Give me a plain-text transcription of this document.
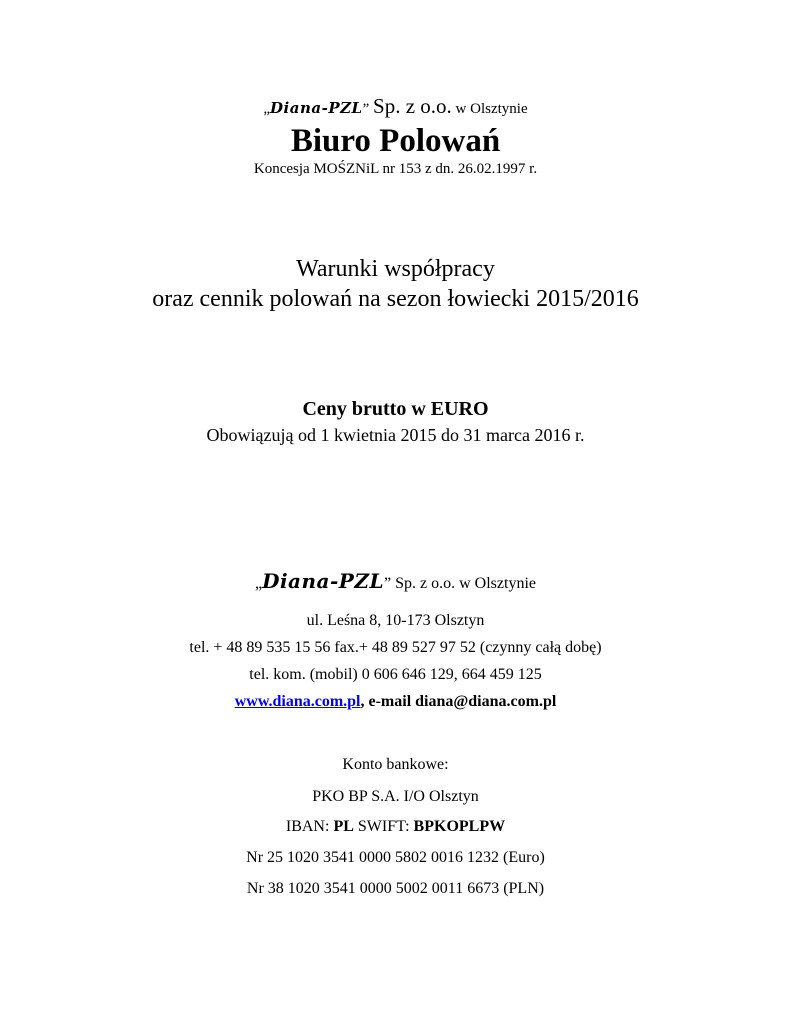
„Diana-PZL” Sp. z o.o. w Olsztynie
Biuro Polowań
Koncesja MOŚZNiL nr 153 z dn. 26.02.1997 r.
Warunki współpracy
oraz cennik polowań na sezon łowiecki 2015/2016
Ceny brutto w EURO
Obowiązują od 1 kwietnia 2015 do 31 marca 2016 r.
„Diana-PZL” Sp. z o.o. w Olsztynie
ul. Leśna 8, 10-173 Olsztyn
tel. + 48 89 535 15 56 fax.+ 48 89 527 97 52 (czynny całą dobę)
tel. kom. (mobil) 0 606 646 129, 664 459 125
www.diana.com.pl, e-mail diana@diana.com.pl
Konto bankowe:
PKO BP S.A. I/O Olsztyn
IBAN: PL SWIFT: BPKOPLPW
Nr 25 1020 3541 0000 5802 0016 1232 (Euro)
Nr 38 1020 3541 0000 5002 0011 6673 (PLN)
